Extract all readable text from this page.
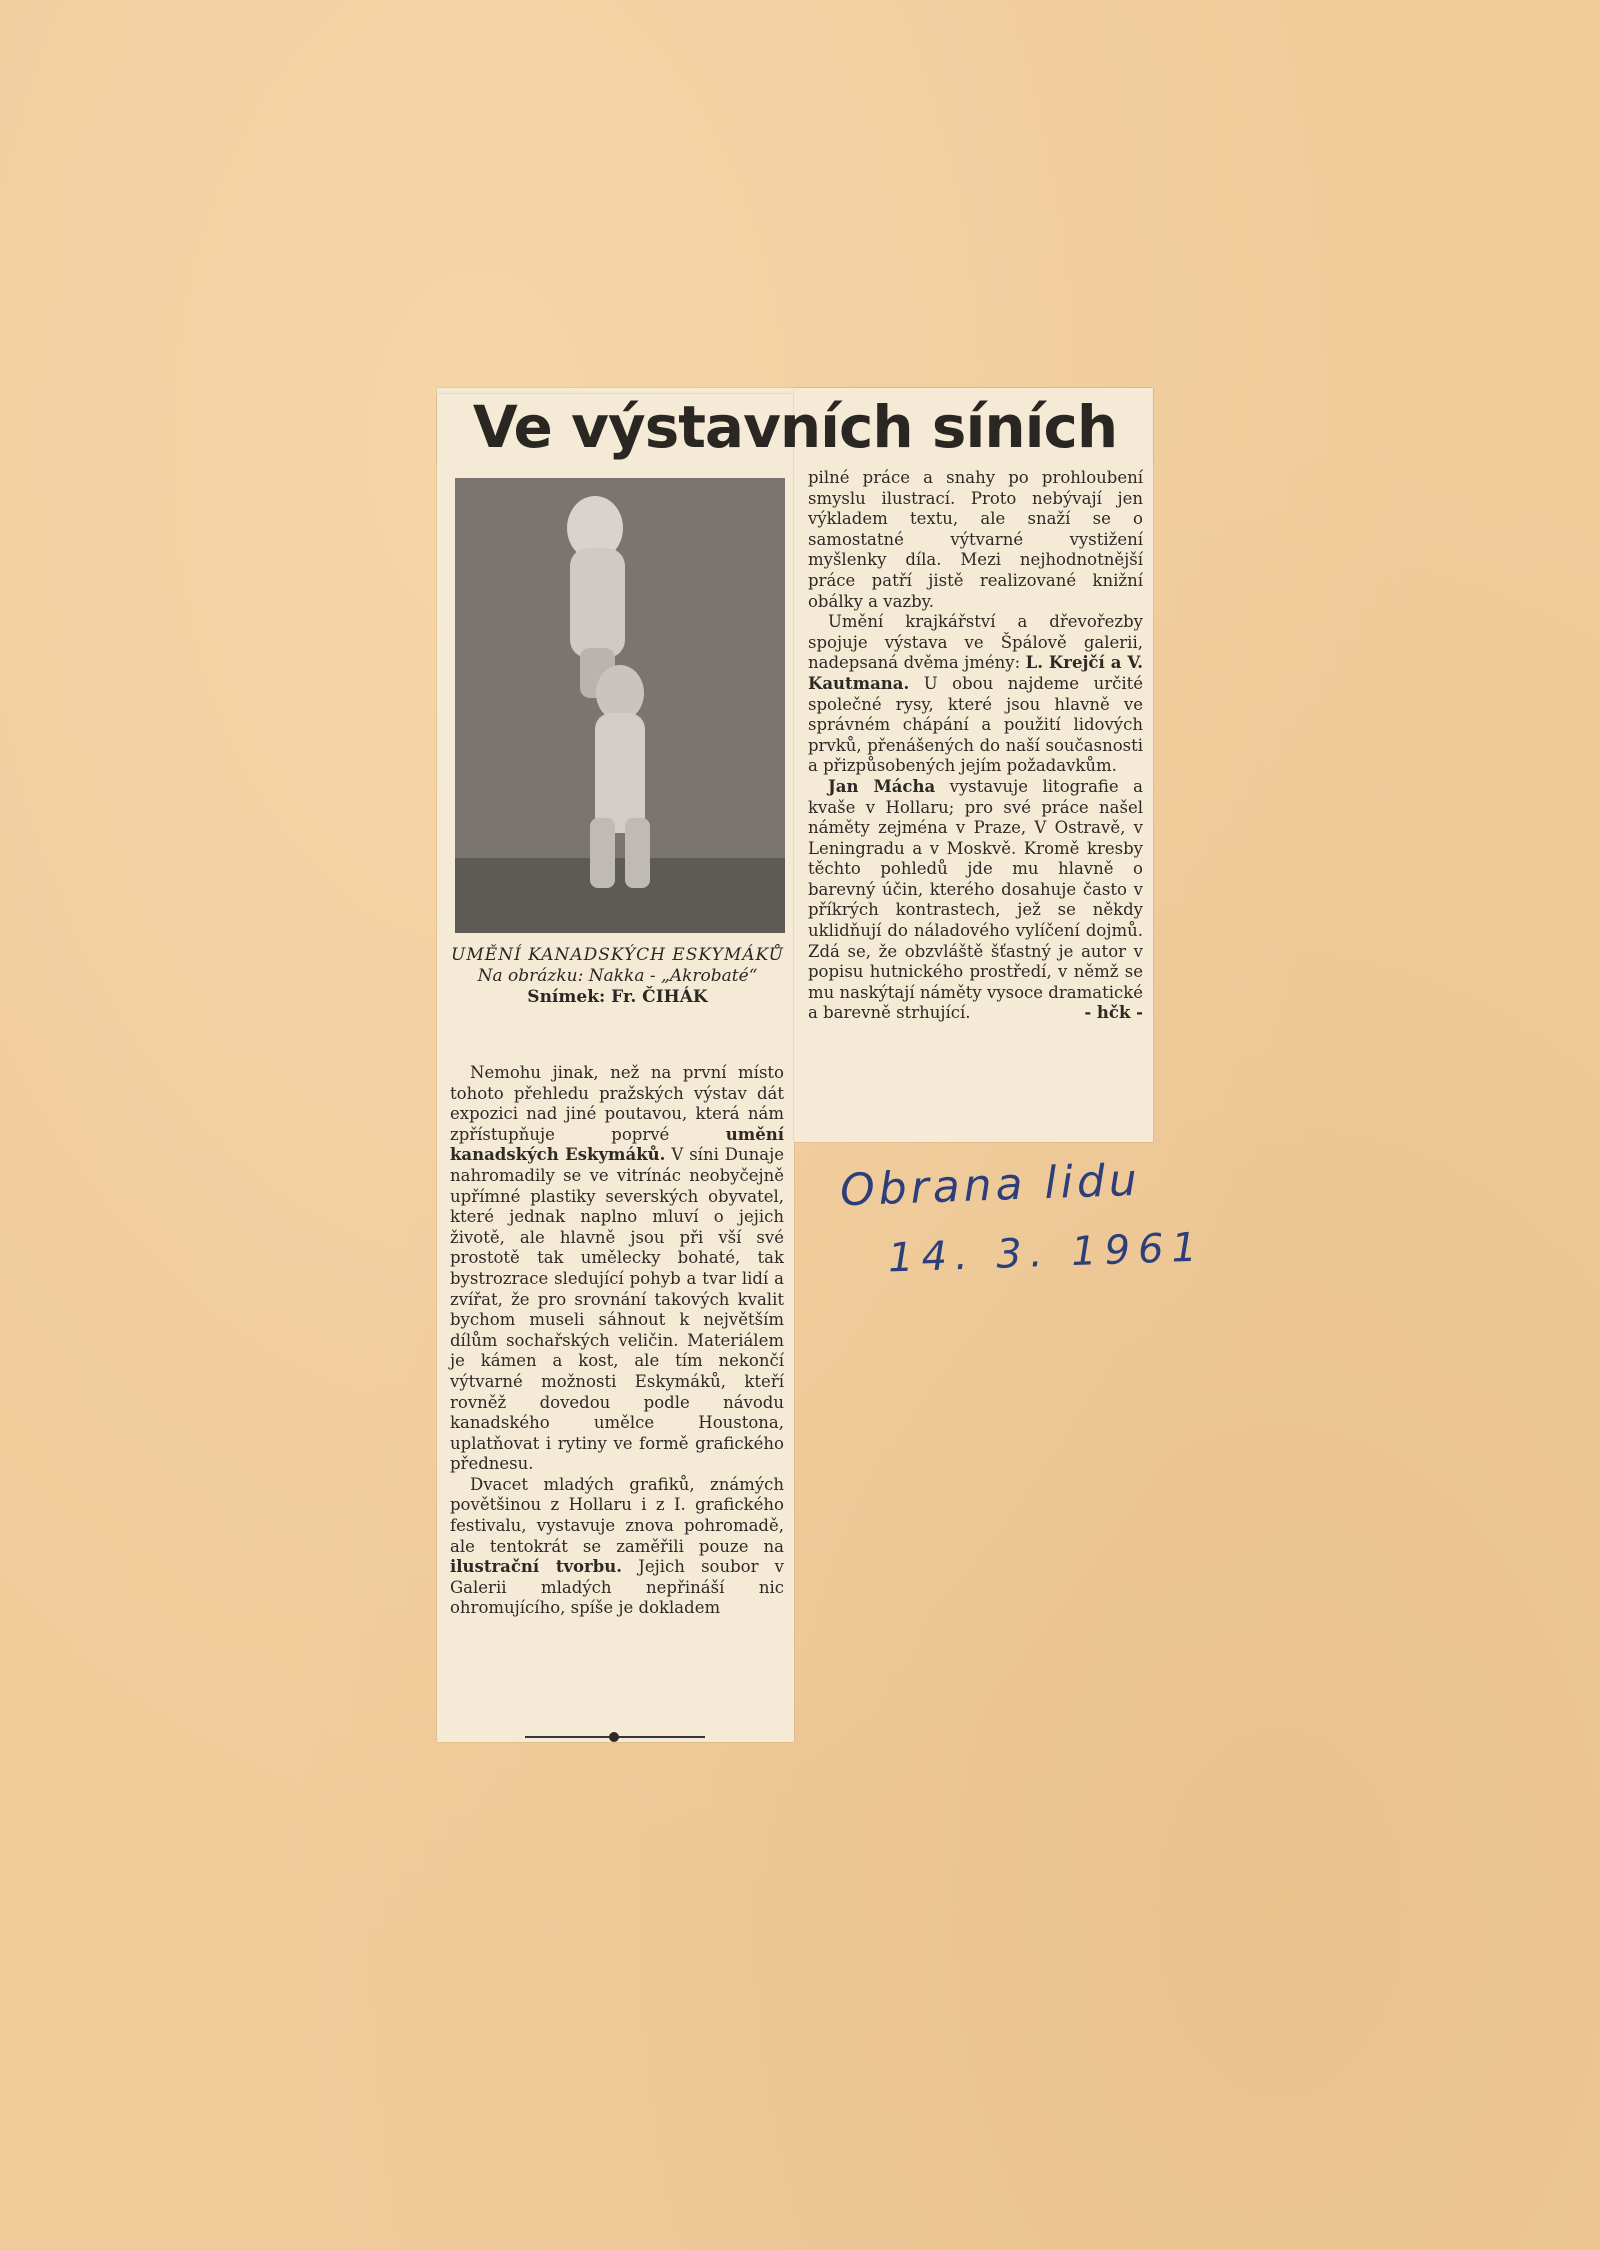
Ve výstavních síních
UMĚNÍ KANADSKÝCH ESKYMÁKŮ Na obrázku: Nakka - „Akrobaté“
Snímek: Fr. ČIHÁK

Nemohu jinak, než na první místo tohoto přehledu pražských výstav dát expozici nad jiné poutavou, která nám zpřístupňuje poprvé umění kanadských Eskymáků. V síni Dunaje nahromadily se ve vitrínác neobyčejně upřímné plastiky severských obyvatel, které jednak naplno mluví o jejich životě, ale hlavně jsou při vší své prostotě tak umělecky bohaté, tak bystrozrace sledující pohyb a tvar lidí a zvířat, že pro srovnání takových kvalit bychom museli sáhnout k největším dílům sochařských veličin. Materiálem je kámen a kost, ale tím nekončí výtvarné možnosti Eskymáků, kteří rovněž dovedou podle návodu kanadského umělce Houstona, uplatňovat i rytiny ve formě grafického přednesu.

Dvacet mladých grafiků, známých povětšinou z Hollaru i z I. grafického festivalu, vystavuje znova pohromadě, ale tentokrát se zaměřili pouze na ilustrační tvorbu. Jejich soubor v Galerii mladých nepřináší nic ohromujícího, spíše je dokladem

pilné práce a snahy po prohloubení smyslu ilustrací. Proto nebývají jen výkladem textu, ale snaží se o samostatné výtvarné vystižení myšlenky díla. Mezi nejhodnotnější práce patří jistě realizované knižní obálky a vazby.

Umění krajkářství a dřevořezby spojuje výstava ve Špálově galerii, nadepsaná dvěma jmény: L. Krejčí a V. Kautmana. U obou najdeme určité společné rysy, které jsou hlavně ve správném chápání a použití lidových prvků, přenášených do naší současnosti a přizpůsobených jejím požadavkům.

Jan Mácha vystavuje litografie a kvaše v Hollaru; pro své práce našel náměty zejména v Praze, V Ostravě, v Leningradu a v Moskvě. Kromě kresby těchto pohledů jde mu hlavně o barevný účin, kterého dosahuje často v příkrých kontrastech, jež se někdy uklidňují do náladového vylíčení dojmů. Zdá se, že obzvláště šťastný je autor v popisu hutnického prostředí, v němž se mu naskýtají náměty vysoce dramatické a barevně strhující.	- hčk -

Obrana lidu
14. 3. 1961
